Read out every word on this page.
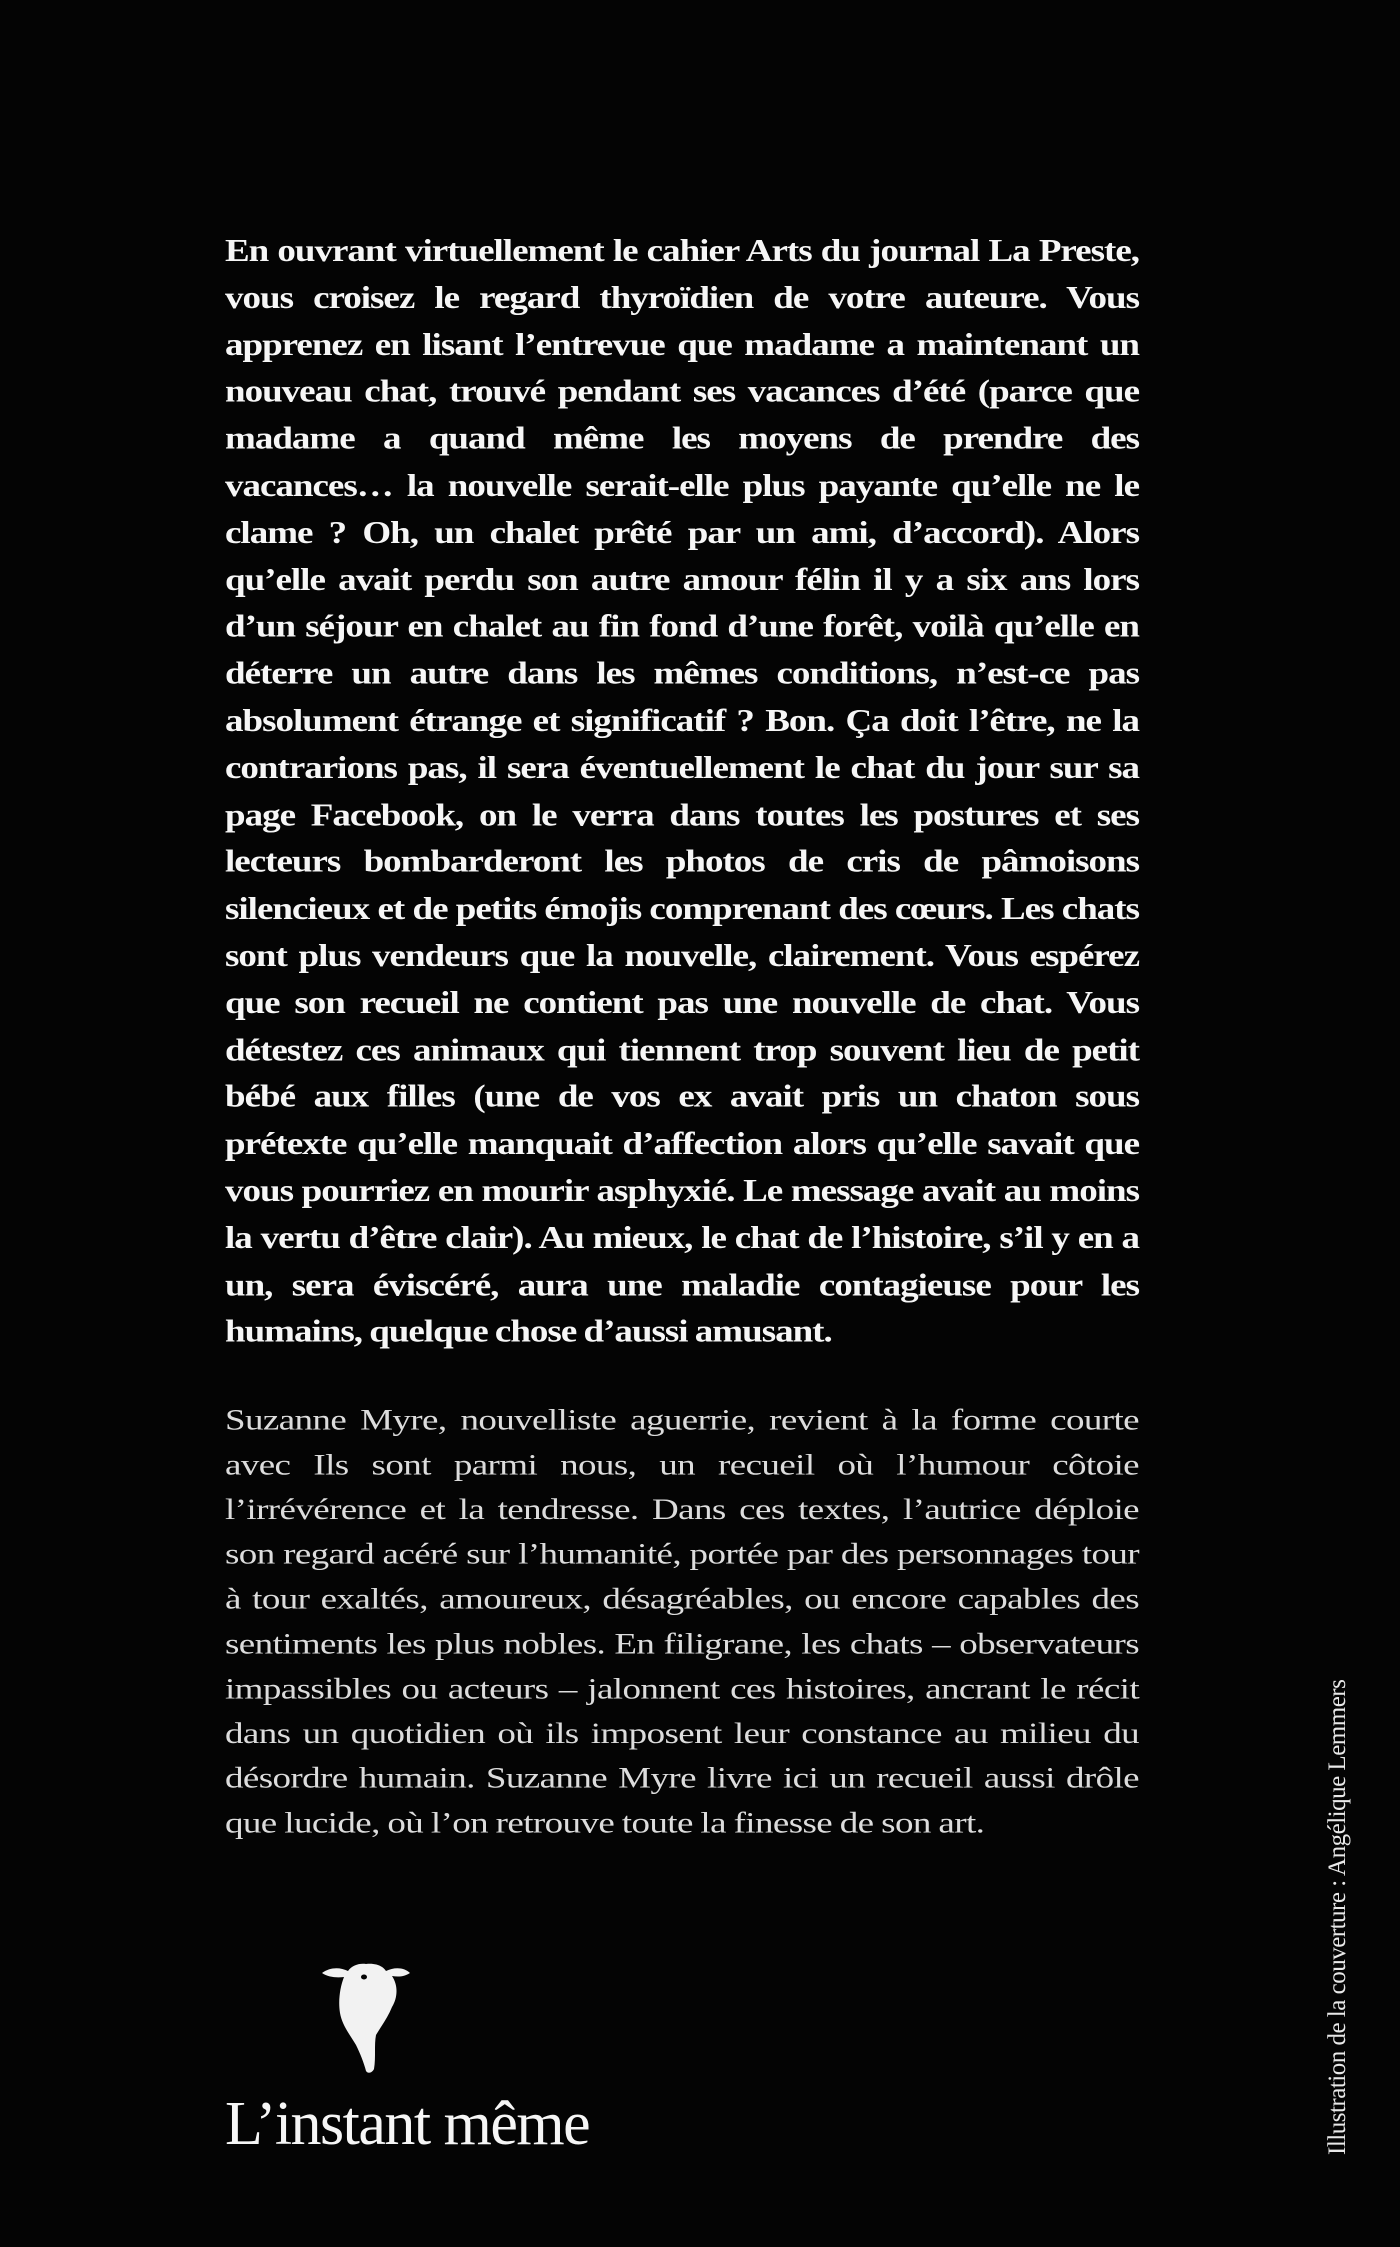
En ouvrant virtuellement le cahier Arts du journal La Preste, vous croisez le regard thyroïdien de votre auteure. Vous apprenez en lisant l’entrevue que madame a maintenant un nouveau chat, trouvé pendant ses vacances d’été (parce que madame a quand même les moyens de prendre des vacances… la nouvelle serait-elle plus payante qu’elle ne le clame ? Oh, un chalet prêté par un ami, d’accord). Alors qu’elle avait perdu son autre amour félin il y a six ans lors d’un séjour en chalet au fin fond d’une forêt, voilà qu’elle en déterre un autre dans les mêmes conditions, n’est-ce pas absolument étrange et significatif ? Bon. Ça doit l’être, ne la contrarions pas, il sera éventuellement le chat du jour sur sa page Facebook, on le verra dans toutes les postures et ses lecteurs bombarderont les photos de cris de pâmoisons silencieux et de petits émojis comprenant des cœurs. Les chats sont plus vendeurs que la nouvelle, clairement. Vous espérez que son recueil ne contient pas une nouvelle de chat. Vous détestez ces animaux qui tiennent trop souvent lieu de petit bébé aux filles (une de vos ex avait pris un chaton sous prétexte qu’elle manquait d’affection alors qu’elle savait que vous pourriez en mourir asphyxié. Le message avait au moins la vertu d’être clair). Au mieux, le chat de l’histoire, s’il y en a un, sera éviscéré, aura une maladie contagieuse pour les humains, quelque chose d’aussi amusant.

Suzanne Myre, nouvelliste aguerrie, revient à la forme courte avec Ils sont parmi nous, un recueil où l’humour côtoie l’irrévérence et la tendresse. Dans ces textes, l’autrice déploie son regard acéré sur l’humanité, portée par des personnages tour à tour exaltés, amoureux, désagréables, ou encore capables des sentiments les plus nobles. En filigrane, les chats – observateurs impassibles ou acteurs – jalonnent ces histoires, ancrant le récit dans un quotidien où ils imposent leur constance au milieu du désordre humain. Suzanne Myre livre ici un recueil aussi drôle que lucide, où l’on retrouve toute la finesse de son art.

L’instant même	Illustration de la couverture : Angélique Lemmers
